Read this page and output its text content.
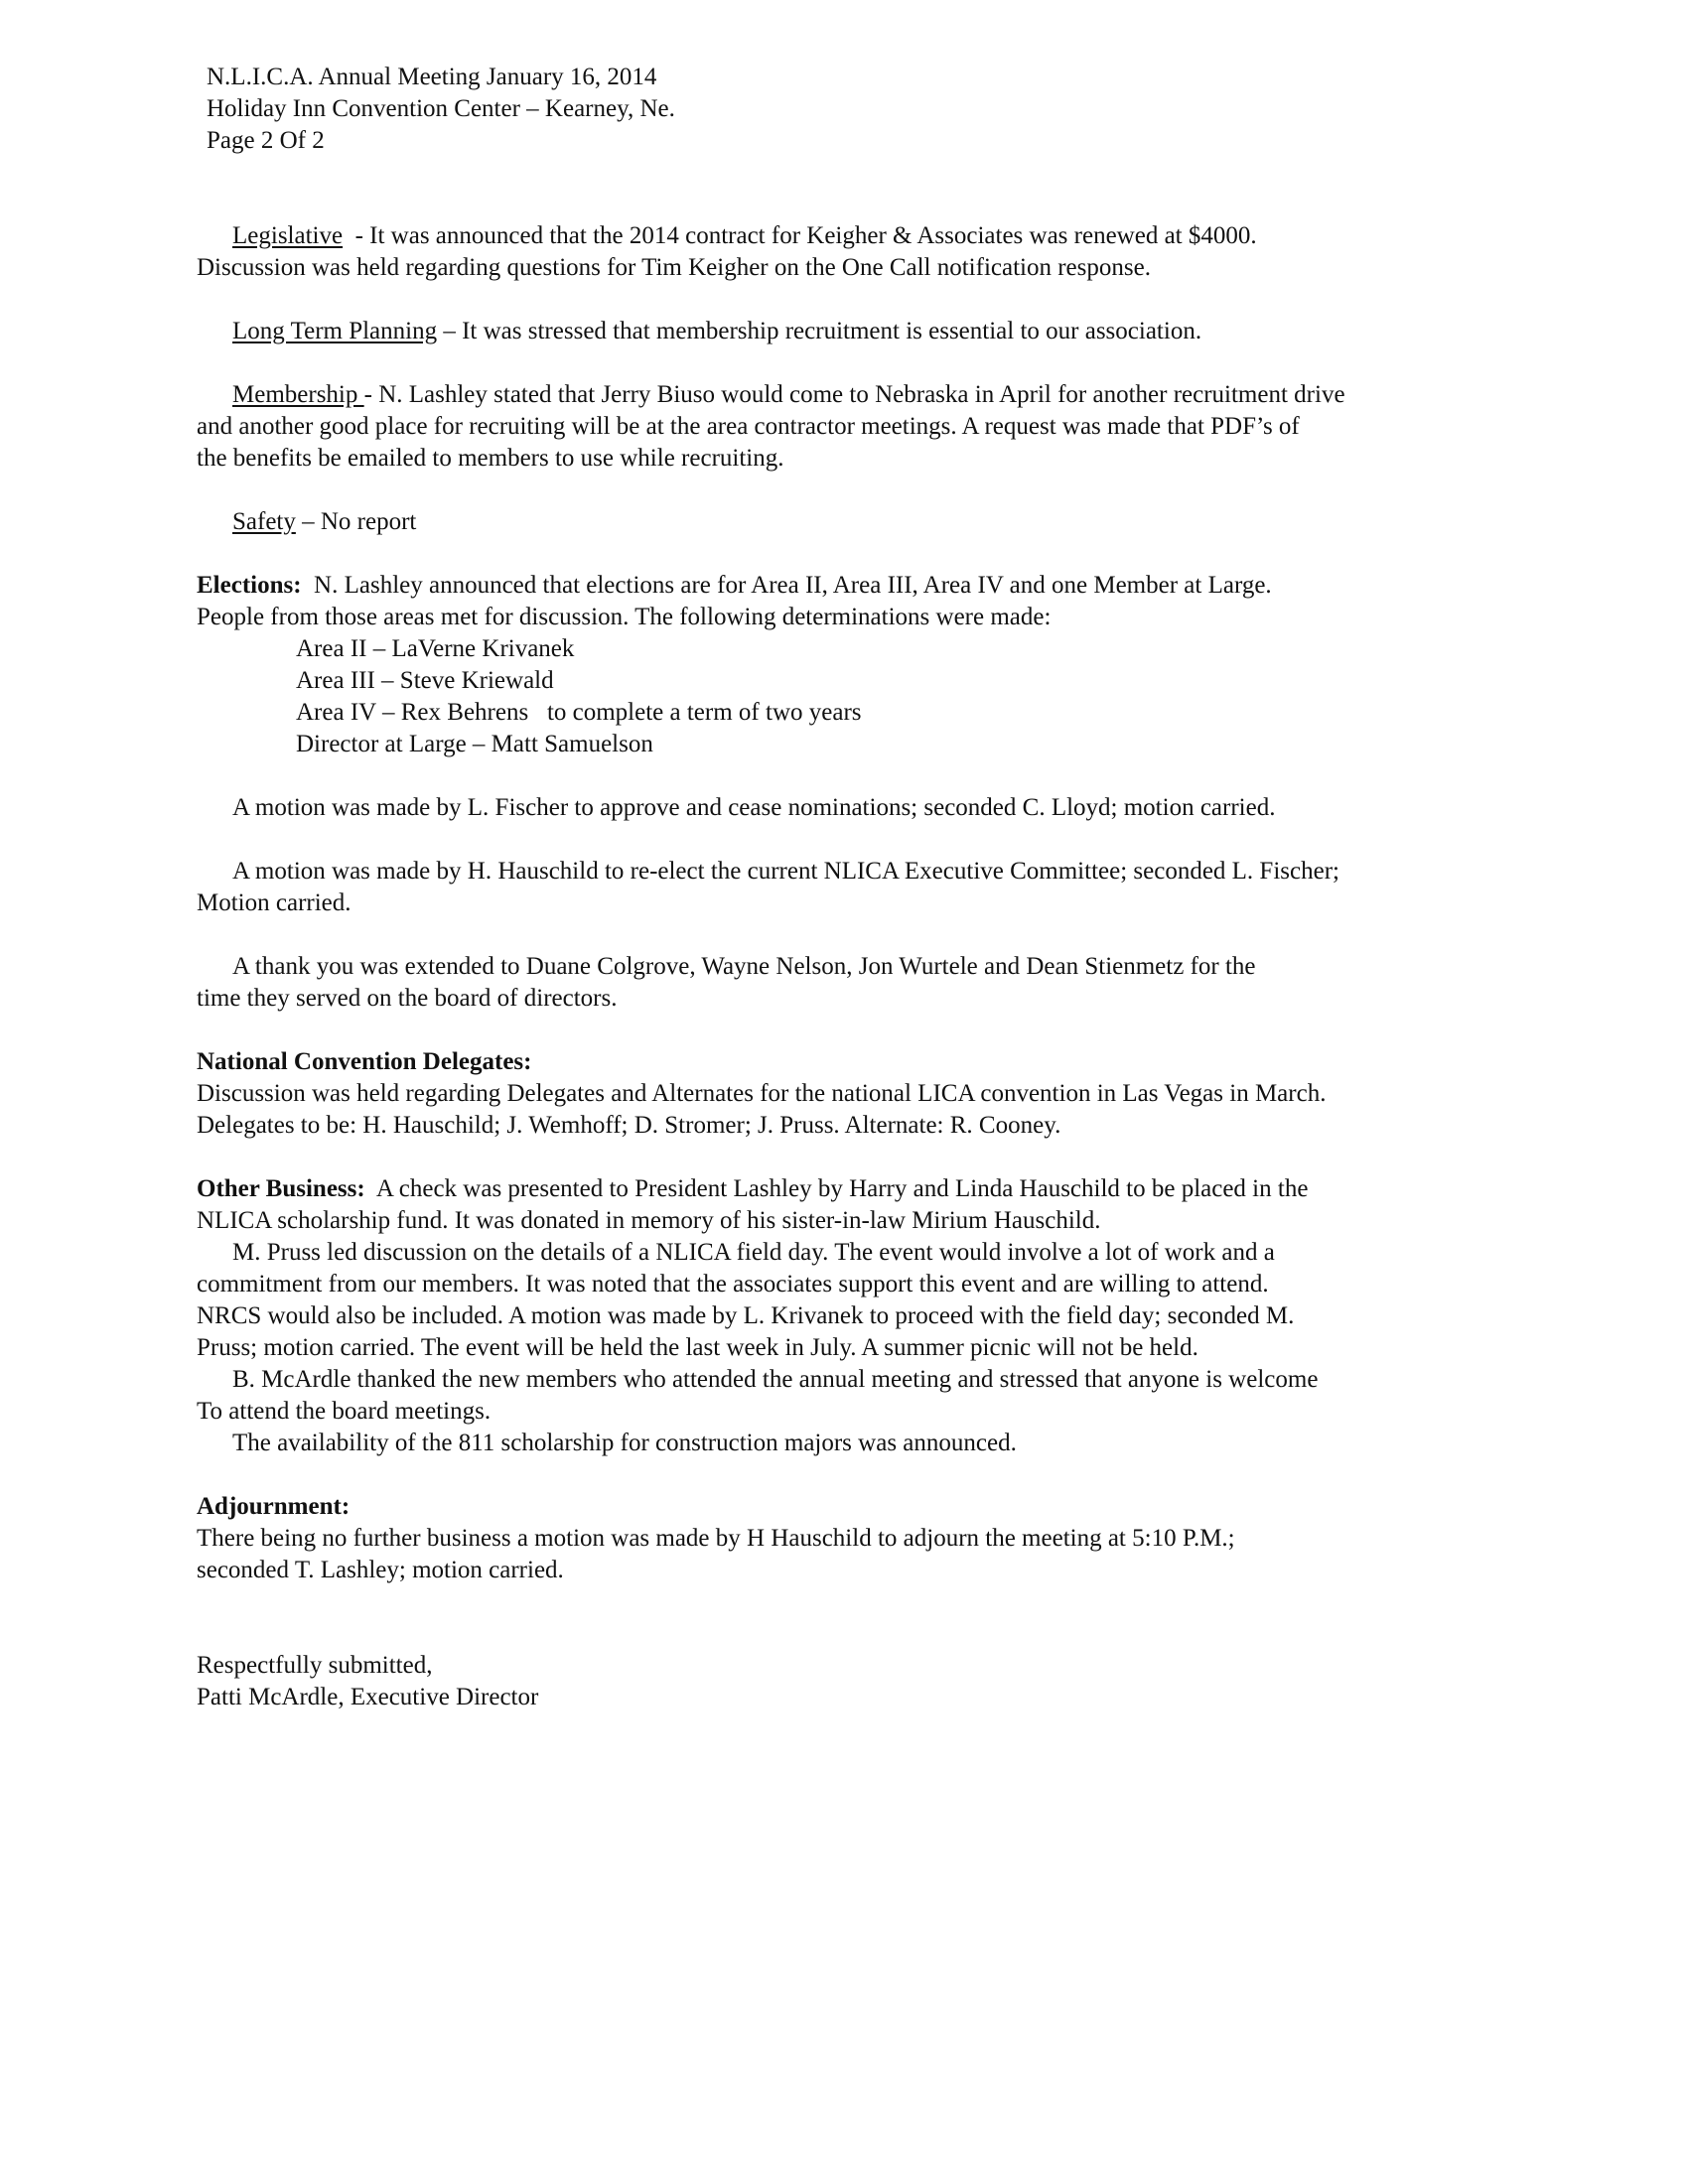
N.L.I.C.A. Annual Meeting January 16, 2014
Holiday Inn Convention Center – Kearney, Ne.
Page 2 Of 2
Legislative  - It was announced that the 2014 contract for Keigher & Associates was renewed at $4000.
Discussion was held regarding questions for Tim Keigher on the One Call notification response.
Long Term Planning – It was stressed that membership recruitment is essential to our association.
Membership - N. Lashley stated that Jerry Biuso would come to Nebraska in April for another recruitment drive
and another good place for recruiting will be at the area contractor meetings. A request was made that PDF’s of
the benefits be emailed to members to use while recruiting.
Safety – No report
Elections:  N. Lashley announced that elections are for Area II, Area III, Area IV and one Member at Large.
People from those areas met for discussion. The following determinations were made:
Area II – LaVerne Krivanek
Area III – Steve Kriewald
Area IV – Rex Behrens   to complete a term of two years
Director at Large – Matt Samuelson
A motion was made by L. Fischer to approve and cease nominations; seconded C. Lloyd; motion carried.
A motion was made by H. Hauschild to re-elect the current NLICA Executive Committee; seconded L. Fischer;
Motion carried.
A thank you was extended to Duane Colgrove, Wayne Nelson, Jon Wurtele and Dean Stienmetz for the
time they served on the board of directors.
National Convention Delegates:
Discussion was held regarding Delegates and Alternates for the national LICA convention in Las Vegas in March.
Delegates to be: H. Hauschild; J. Wemhoff; D. Stromer; J. Pruss. Alternate: R. Cooney.
Other Business:  A check was presented to President Lashley by Harry and Linda Hauschild to be placed in the
NLICA scholarship fund. It was donated in memory of his sister-in-law Mirium Hauschild.
M. Pruss led discussion on the details of a NLICA field day. The event would involve a lot of work and a
commitment from our members. It was noted that the associates support this event and are willing to attend.
NRCS would also be included. A motion was made by L. Krivanek to proceed with the field day; seconded M.
Pruss; motion carried. The event will be held the last week in July. A summer picnic will not be held.
B. McArdle thanked the new members who attended the annual meeting and stressed that anyone is welcome
To attend the board meetings.
The availability of the 811 scholarship for construction majors was announced.
Adjournment:
There being no further business a motion was made by H Hauschild to adjourn the meeting at 5:10 P.M.;
seconded T. Lashley; motion carried.
Respectfully submitted,
Patti McArdle, Executive Director
